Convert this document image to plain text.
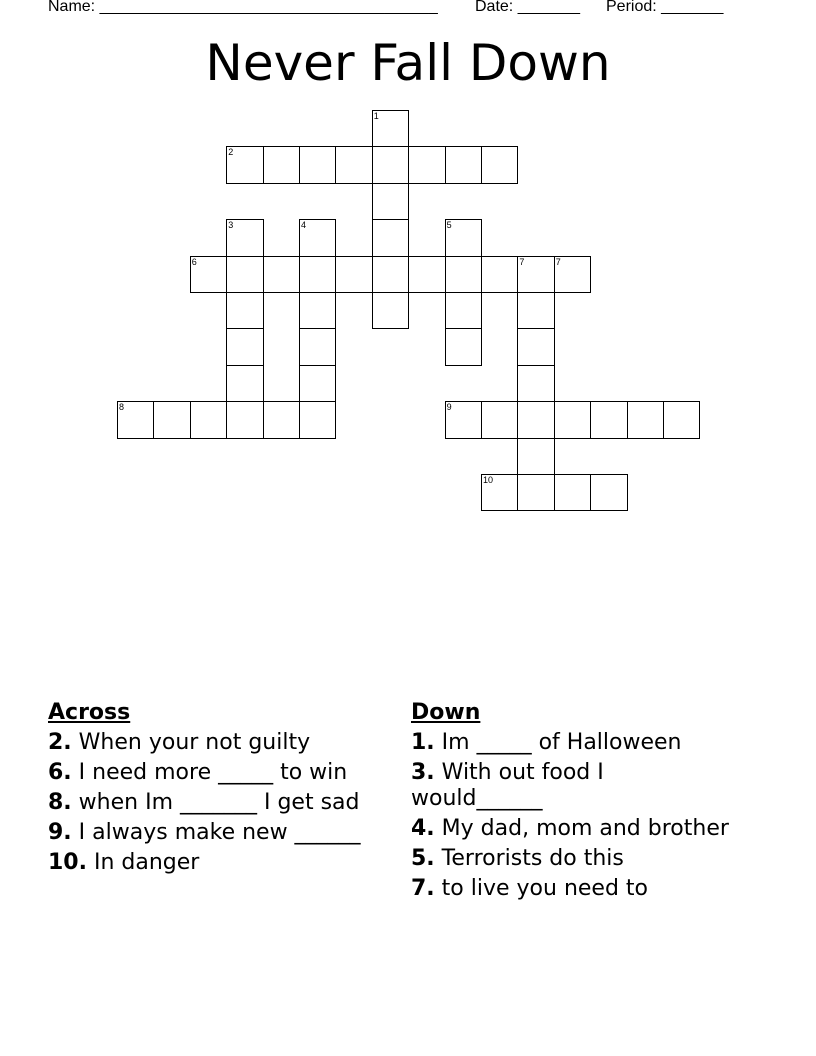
Name: ______________________________________ Date: _______ Period: _______
Never Fall Down
2
1
6	7	7
3	4	5
8	9
10
Across
2. When your not guilty
6. I need more _____ to win
8. when Im _______ I get sad
9. I always make new ______
10. In danger
Down
1. Im _____ of Halloween
3. With out food I would______
4. My dad, mom and brother
5. Terrorists do this
7. to live you need to
